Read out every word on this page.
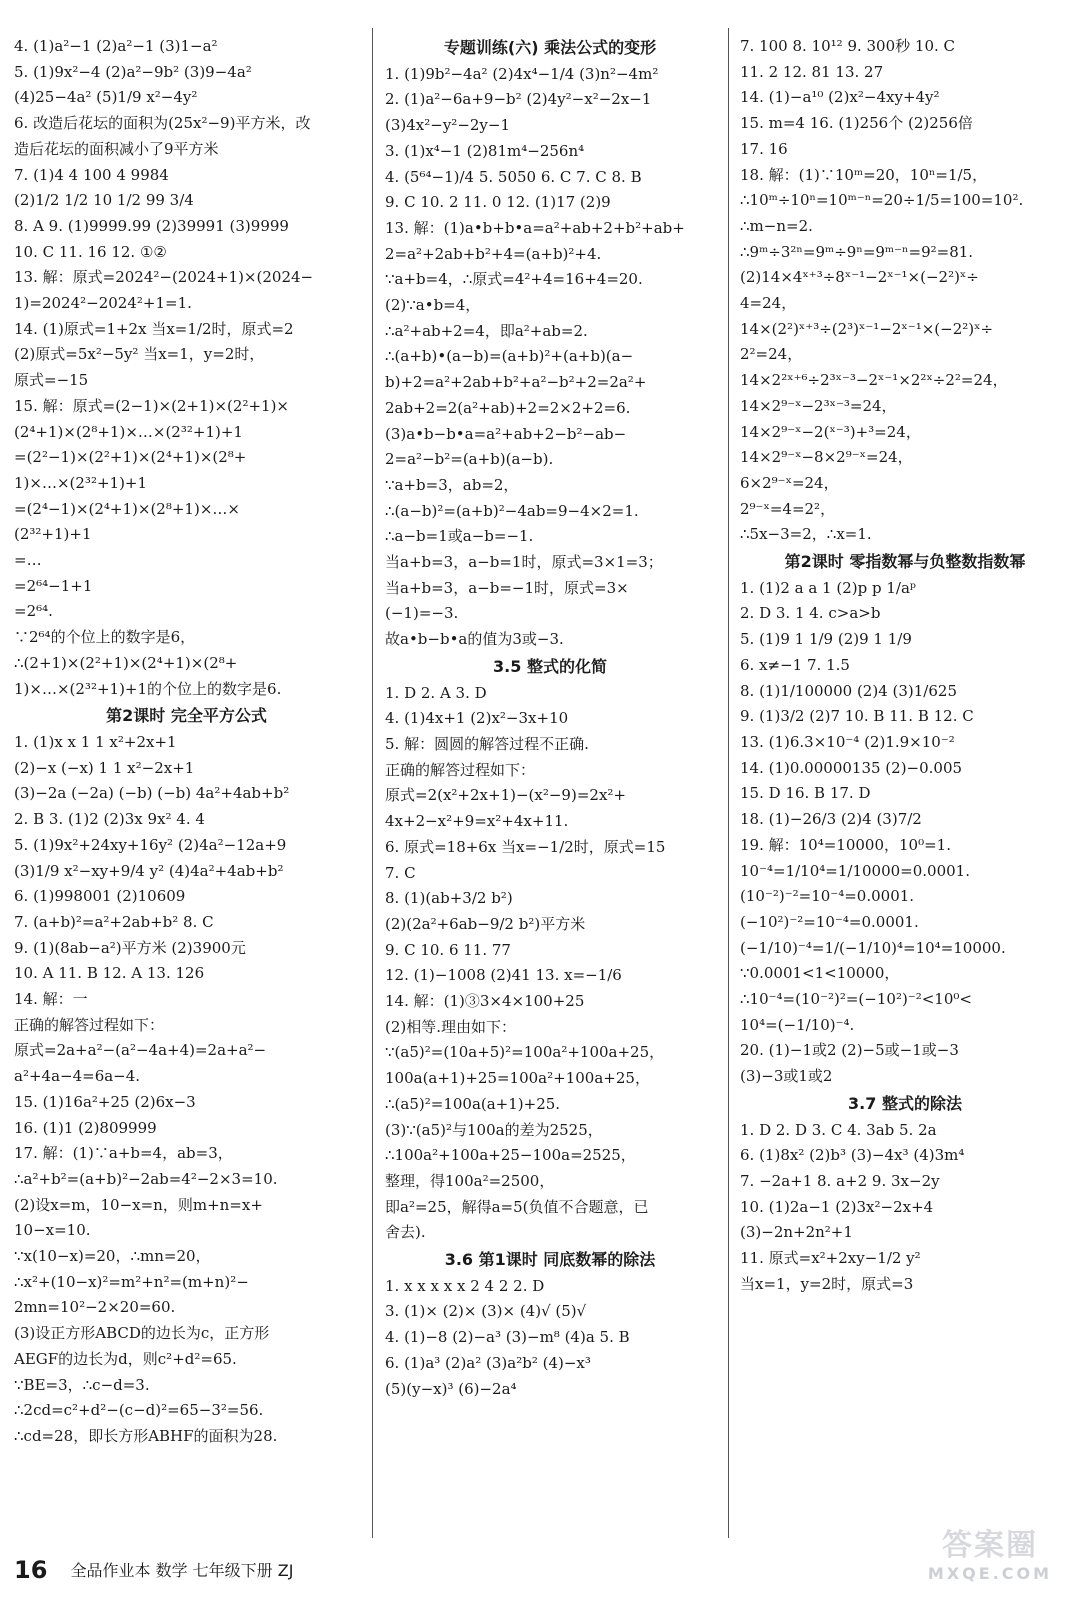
4. (1)a²−1 (2)a²−1 (3)1−a²
5. (1)9x²−4 (2)a²−9b² (3)9−4a²
(4)25−4a² (5)1/9 x²−4y²
6. 改造后花坛的面积为(25x²−9)平方米，改
造后花坛的面积减小了9平方米
7. (1)4 4 100 4 9984
(2)1/2 1/2 10 1/2 99 3/4
8. A 9. (1)9999.99 (2)39991 (3)9999
10. C 11. 16 12. ①②
13. 解：原式=2024²−(2024+1)×(2024−
1)=2024²−2024²+1=1.
14. (1)原式=1+2x 当x=1/2时，原式=2
(2)原式=5x²−5y² 当x=1，y=2时，
原式=−15
15. 解：原式=(2−1)×(2+1)×(2²+1)×
(2⁴+1)×(2⁸+1)×…×(2³²+1)+1
=(2²−1)×(2²+1)×(2⁴+1)×(2⁸+
1)×…×(2³²+1)+1
=(2⁴−1)×(2⁴+1)×(2⁸+1)×…×
(2³²+1)+1
=…
=2⁶⁴−1+1
=2⁶⁴.
∵2⁶⁴的个位上的数字是6，
∴(2+1)×(2²+1)×(2⁴+1)×(2⁸+
1)×…×(2³²+1)+1的个位上的数字是6.
第2课时 完全平方公式
1. (1)x x 1 1 x²+2x+1
(2)−x (−x) 1 1 x²−2x+1
(3)−2a (−2a) (−b) (−b) 4a²+4ab+b²
2. B 3. (1)2 (2)3x 9x² 4. 4
5. (1)9x²+24xy+16y² (2)4a²−12a+9
(3)1/9 x²−xy+9/4 y² (4)4a²+4ab+b²
6. (1)998001 (2)10609
7. (a+b)²=a²+2ab+b² 8. C
9. (1)(8ab−a²)平方米 (2)3900元
10. A 11. B 12. A 13. 126
14. 解：一
正确的解答过程如下：
原式=2a+a²−(a²−4a+4)=2a+a²−
a²+4a−4=6a−4.
15. (1)16a²+25 (2)6x−3
16. (1)1 (2)809999
17. 解：(1)∵a+b=4，ab=3，
∴a²+b²=(a+b)²−2ab=4²−2×3=10.
(2)设x=m，10−x=n，则m+n=x+
10−x=10.
∵x(10−x)=20，∴mn=20，
∴x²+(10−x)²=m²+n²=(m+n)²−
2mn=10²−2×20=60.
(3)设正方形ABCD的边长为c，正方形
AEGF的边长为d，则c²+d²=65.
∵BE=3，∴c−d=3.
∴2cd=c²+d²−(c−d)²=65−3²=56.
∴cd=28，即长方形ABHF的面积为28.
专题训练(六) 乘法公式的变形
1. (1)9b²−4a² (2)4x⁴−1/4 (3)n²−4m²
2. (1)a²−6a+9−b² (2)4y²−x²−2x−1
(3)4x²−y²−2y−1
3. (1)x⁴−1 (2)81m⁴−256n⁴
4. (5⁶⁴−1)/4 5. 5050 6. C 7. C 8. B
9. C 10. 2 11. 0 12. (1)17 (2)9
13. 解：(1)a•b+b•a=a²+ab+2+b²+ab+
2=a²+2ab+b²+4=(a+b)²+4.
∵a+b=4，∴原式=4²+4=16+4=20.
(2)∵a•b=4，
∴a²+ab+2=4，即a²+ab=2.
∴(a+b)•(a−b)=(a+b)²+(a+b)(a−
b)+2=a²+2ab+b²+a²−b²+2=2a²+
2ab+2=2(a²+ab)+2=2×2+2=6.
(3)a•b−b•a=a²+ab+2−b²−ab−
2=a²−b²=(a+b)(a−b).
∵a+b=3，ab=2，
∴(a−b)²=(a+b)²−4ab=9−4×2=1.
∴a−b=1或a−b=−1.
当a+b=3，a−b=1时，原式=3×1=3；
当a+b=3，a−b=−1时，原式=3×
(−1)=−3.
故a•b−b•a的值为3或−3.
3.5 整式的化简
1. D 2. A 3. D
4. (1)4x+1 (2)x²−3x+10
5. 解：圆圆的解答过程不正确.
正确的解答过程如下：
原式=2(x²+2x+1)−(x²−9)=2x²+
4x+2−x²+9=x²+4x+11.
6. 原式=18+6x 当x=−1/2时，原式=15
7. C
8. (1)(ab+3/2 b²)
(2)(2a²+6ab−9/2 b²)平方米
9. C 10. 6 11. 77
12. (1)−1008 (2)41 13. x=−1/6
14. 解：(1)③3×4×100+25
(2)相等.理由如下：
∵(a5)²=(10a+5)²=100a²+100a+25，
100a(a+1)+25=100a²+100a+25，
∴(a5)²=100a(a+1)+25.
(3)∵(a5)²与100a的差为2525，
∴100a²+100a+25−100a=2525，
整理，得100a²=2500，
即a²=25，解得a=5(负值不合题意，已
舍去).
3.6 第1课时 同底数幂的除法
1. x x x x x 2 4 2 2. D
3. (1)× (2)× (3)× (4)√ (5)√
4. (1)−8 (2)−a³ (3)−m⁸ (4)a 5. B
6. (1)a³ (2)a² (3)a²b² (4)−x³
(5)(y−x)³ (6)−2a⁴
7. 100 8. 10¹² 9. 300秒 10. C
11. 2 12. 81 13. 27
14. (1)−a¹⁰ (2)x²−4xy+4y²
15. m=4 16. (1)256个 (2)256倍
17. 16
18. 解：(1)∵10ᵐ=20，10ⁿ=1/5，
∴10ᵐ÷10ⁿ=10ᵐ⁻ⁿ=20÷1/5=100=10².
∴m−n=2.
∴9ᵐ÷3²ⁿ=9ᵐ÷9ⁿ=9ᵐ⁻ⁿ=9²=81.
(2)14×4ˣ⁺³÷8ˣ⁻¹−2ˣ⁻¹×(−2²)ˣ÷
4=24，
14×(2²)ˣ⁺³÷(2³)ˣ⁻¹−2ˣ⁻¹×(−2²)ˣ÷
2²=24，
14×2²ˣ⁺⁶÷2³ˣ⁻³−2ˣ⁻¹×2²ˣ÷2²=24，
14×2⁹⁻ˣ−2³ˣ⁻³=24，
14×2⁹⁻ˣ−2(ˣ⁻³)+³=24，
14×2⁹⁻ˣ−8×2⁹⁻ˣ=24，
6×2⁹⁻ˣ=24，
2⁹⁻ˣ=4=2²，
∴5x−3=2，∴x=1.
第2课时 零指数幂与负整数指数幂
1. (1)2 a a 1 (2)p p 1/aᵖ
2. D 3. 1 4. c>a>b
5. (1)9 1 1/9 (2)9 1 1/9
6. x≠−1 7. 1.5
8. (1)1/100000 (2)4 (3)1/625
9. (1)3/2 (2)7 10. B 11. B 12. C
13. (1)6.3×10⁻⁴ (2)1.9×10⁻²
14. (1)0.00000135 (2)−0.005
15. D 16. B 17. D
18. (1)−26/3 (2)4 (3)7/2
19. 解：10⁴=10000，10⁰=1.
10⁻⁴=1/10⁴=1/10000=0.0001.
(10⁻²)⁻²=10⁻⁴=0.0001.
(−10²)⁻²=10⁻⁴=0.0001.
(−1/10)⁻⁴=1/(−1/10)⁴=10⁴=10000.
∵0.0001<1<10000，
∴10⁻⁴=(10⁻²)²=(−10²)⁻²<10⁰<
10⁴=(−1/10)⁻⁴.
20. (1)−1或2 (2)−5或−1或−3
(3)−3或1或2
3.7 整式的除法
1. D 2. D 3. C 4. 3ab 5. 2a
6. (1)8x² (2)b³ (3)−4x³ (4)3m⁴
7. −2a+1 8. a+2 9. 3x−2y
10. (1)2a−1 (2)3x²−2x+4
(3)−2n+2n²+1
11. 原式=x²+2xy−1/2 y²
当x=1，y=2时，原式=3
16 全品作业本 数学 七年级下册 ZJ
答案圈
MXQE.COM
